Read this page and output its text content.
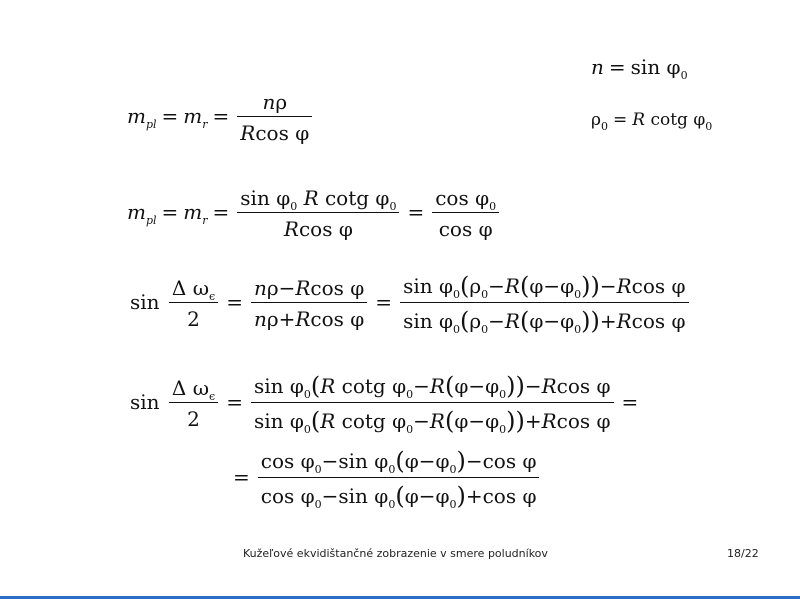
$n = \sin \varphi_0$
$\rho_0 = R$ cotg $\varphi_0$
$m_{pl} = m_r = \frac{n\rho}{\text{Rcos φ}}$
$m_{pl} = m_r = \frac{\sin \varphi_0 R \cot g \varphi_0}{\text{Rcos φ}} = \frac{\cos \varphi_0}{\text{cos φ}}$
$\sin \frac{\Delta \omega_\epsilon}{2} = \frac{\text{nρ−Rcos φ}}{\text{nρ+Rcos φ}} = \frac{\sin \varphi_0(\rho_0-R(\varphi-\varphi_0))-Rcos \varphi}{\sin \varphi_0(\rho_0-R(\varphi-\varphi_0))+Rcos \varphi}$
$\sin \frac{\Delta \omega_\epsilon}{2} = \frac{\sin \varphi_0(R \cot g \varphi_0-R(\varphi-\varphi_0))-Rcos \varphi}{\sin \varphi_0(R \cot g \varphi_0-R(\varphi-\varphi_0))+Rcos \varphi}$ =
= $\frac{\cos \varphi_0-\sin \varphi_0(\varphi-\varphi_0)-\cos \varphi}{\cos \varphi_0-\sin \varphi_0(\varphi-\varphi_0)+\cos \varphi}$
Kužeľové ekvidištančné zobrazenie v smere poludníkov	18/22
